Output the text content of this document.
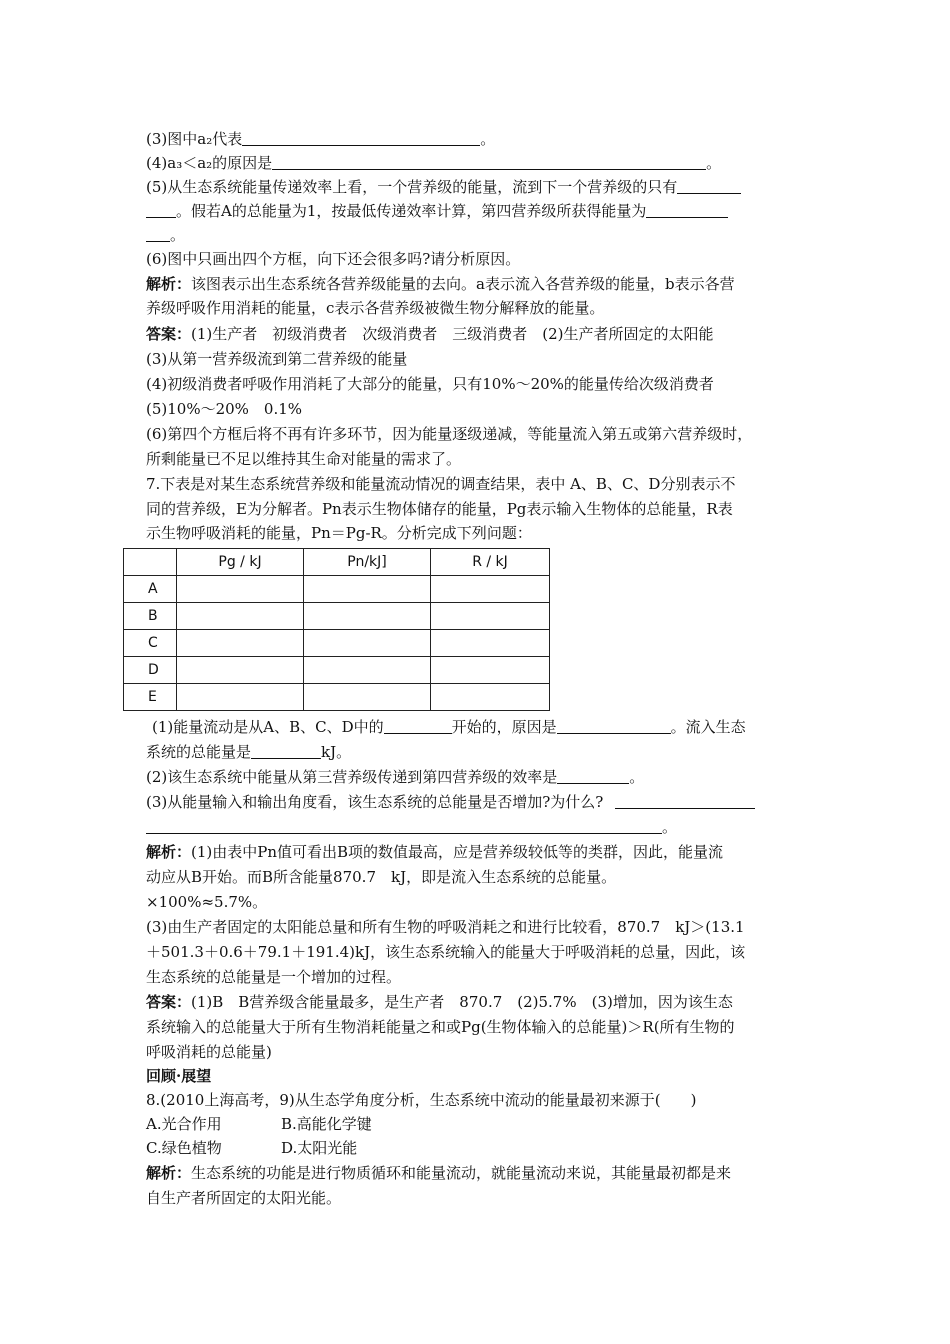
(3)图中a₂代表	。
(4)a₃＜a₂的原因是	。
(5)从生态系统能量传递效率上看，一个营养级的能量，流到下一个营养级的只有
。假若A的总能量为1，按最低传递效率计算，第四营养级所获得能量为
。
(6)图中只画出四个方框，向下还会很多吗?请分析原因。
解析：该图表示出生态系统各营养级能量的去向。a表示流入各营养级的能量，b表示各营
养级呼吸作用消耗的能量，c表示各营养级被微生物分解释放的能量。
答案：(1)生产者　初级消费者　次级消费者　三级消费者　(2)生产者所固定的太阳能
(3)从第一营养级流到第二营养级的能量
(4)初级消费者呼吸作用消耗了大部分的能量，只有10%～20%的能量传给次级消费者
(5)10%～20%　0.1%
(6)第四个方框后将不再有许多环节，因为能量逐级递减，等能量流入第五或第六营养级时，
所剩能量已不足以维持其生命对能量的需求了。
7.下表是对某生态系统营养级和能量流动情况的调查结果，表中 A、B、C、D分别表示不
同的营养级，E为分解者。Pn表示生物体储存的能量，Pg表示输入生物体的总能量，R表
示生物呼吸消耗的能量，Pn＝Pg-R。分析完成下列问题：
	Pg / kJ	Pn/kJ]	R / kJ
A			
B			
C			
D			
E			
(1)能量流动是从A、B、C、D中的	开始的，原因是	。流入生态
系统的总能量是	kJ。
(2)该生态系统中能量从第三营养级传递到第四营养级的效率是	。
(3)从能量输入和输出角度看，该生态系统的总能量是否增加?为什么?
。
解析：(1)由表中Pn值可看出B项的数值最高，应是营养级较低等的类群，因此，能量流
动应从B开始。而B所含能量870.7　kJ，即是流入生态系统的总能量。
×100%≈5.7%。
(3)由生产者固定的太阳能总量和所有生物的呼吸消耗之和进行比较看，870.7　kJ＞(13.1
＋501.3＋0.6＋79.1＋191.4)kJ，该生态系统输入的能量大于呼吸消耗的总量，因此，该
生态系统的总能量是一个增加的过程。
答案：(1)B　B营养级含能量最多，是生产者　870.7　(2)5.7%　(3)增加，因为该生态
系统输入的总能量大于所有生物消耗能量之和或Pg(生物体输入的总能量)＞R(所有生物的
呼吸消耗的总能量)
回顾·展望
8.(2010上海高考，9)从生态学角度分析，生态系统中流动的能量最初来源于(　　)
A.光合作用	B.高能化学键
C.绿色植物	D.太阳光能
解析：生态系统的功能是进行物质循环和能量流动，就能量流动来说，其能量最初都是来
自生产者所固定的太阳光能。
